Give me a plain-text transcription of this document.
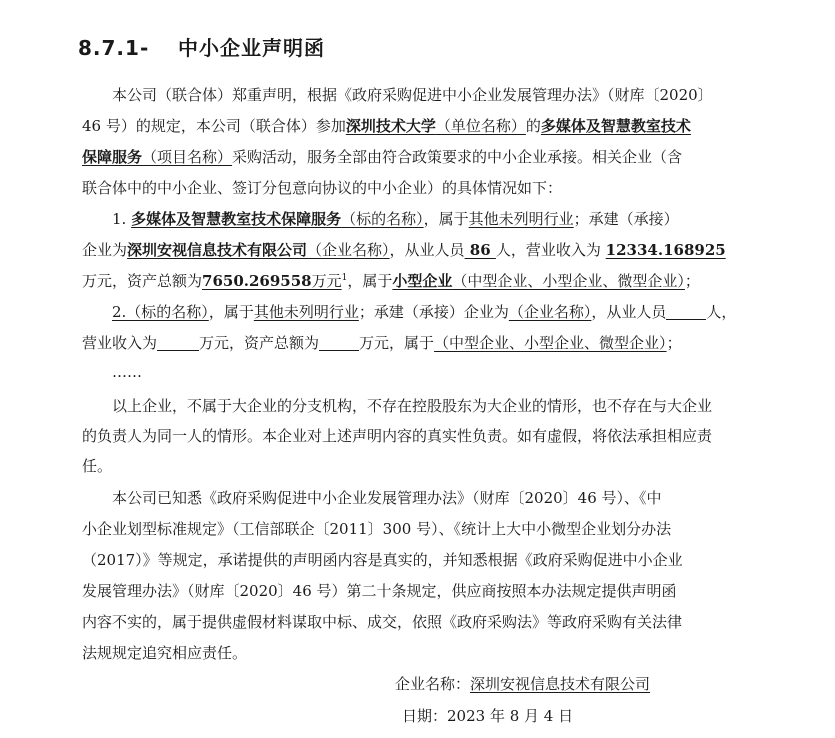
8.7.1- 中小企业声明函
本公司（联合体）郑重声明，根据《政府采购促进中小企业发展管理办法》（财库〔2020〕
46 号）的规定，本公司（联合体）参加深圳技术大学（单位名称）的多媒体及智慧教室技术
保障服务（项目名称）采购活动，服务全部由符合政策要求的中小企业承接。相关企业（含
联合体中的中小企业、签订分包意向协议的中小企业）的具体情况如下：
1. 多媒体及智慧教室技术保障服务（标的名称），属于其他未列明行业；承建（承接）
企业为深圳安视信息技术有限公司（企业名称），从业人员 86 人，营业收入为 12334.168925
万元，资产总额为7650.269558万元$^1$，属于小型企业（中型企业、小型企业、微型企业）；
2.（标的名称），属于其他未列明行业；承建（承接）企业为（企业名称），从业人员	人，
营业收入为	万元，资产总额为	万元，属于（中型企业、小型企业、微型企业）；
……
以上企业，不属于大企业的分支机构，不存在控股股东为大企业的情形，也不存在与大企业
的负责人为同一人的情形。本企业对上述声明内容的真实性负责。如有虚假，将依法承担相应责
任。
本公司已知悉《政府采购促进中小企业发展管理办法》（财库〔2020〕46 号）、《中
小企业划型标准规定》（工信部联企〔2011〕300 号）、《统计上大中小微型企业划分办法
（2017）》等规定，承诺提供的声明函内容是真实的，并知悉根据《政府采购促进中小企业
发展管理办法》（财库〔2020〕46 号）第二十条规定，供应商按照本办法规定提供声明函
内容不实的，属于提供虚假材料谋取中标、成交，依照《政府采购法》等政府采购有关法律
法规规定追究相应责任。
企业名称：深圳安视信息技术有限公司
日期：2023 年 8 月 4 日
